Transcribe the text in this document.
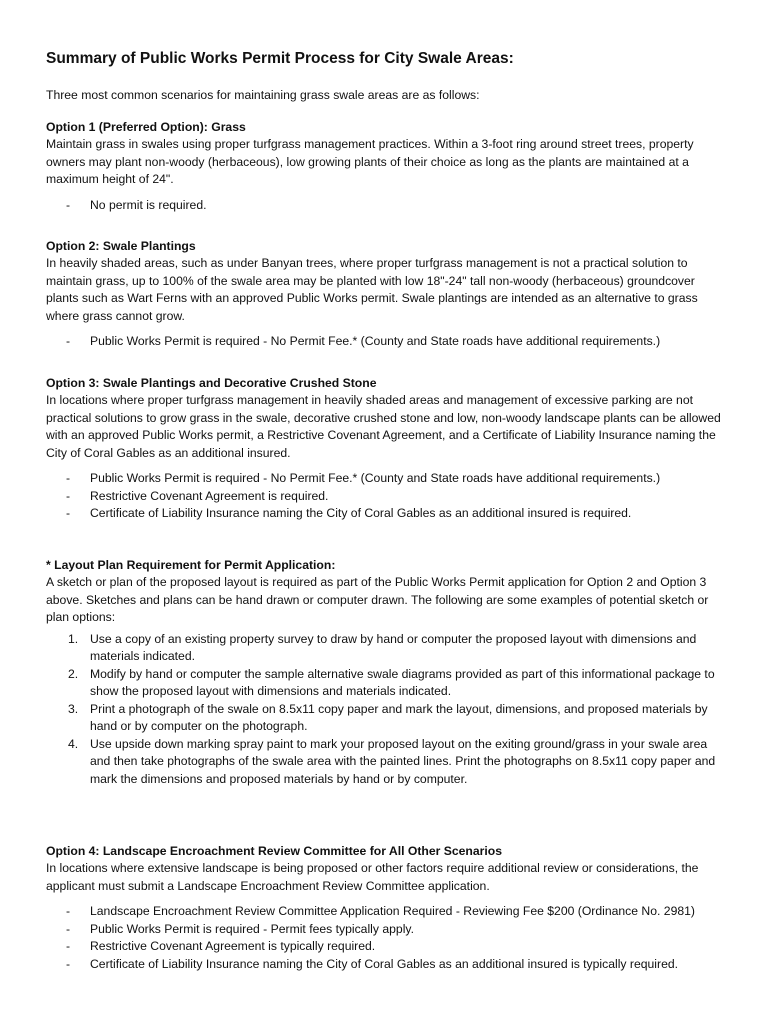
Summary of Public Works Permit Process for City Swale Areas:
Three most common scenarios for maintaining grass swale areas are as follows:
Option 1 (Preferred Option): Grass

Maintain grass in swales using proper turfgrass management practices. Within a 3-foot ring around street trees, property owners may plant non-woody (herbaceous), low growing plants of their choice as long as the plants are maintained at a maximum height of 24".

- No permit is required.
Option 2: Swale Plantings

In heavily shaded areas, such as under Banyan trees, where proper turfgrass management is not a practical solution to maintain grass, up to 100% of the swale area may be planted with low 18"-24" tall non-woody (herbaceous) groundcover plants such as Wart Ferns with an approved Public Works permit. Swale plantings are intended as an alternative to grass where grass cannot grow.

- Public Works Permit is required - No Permit Fee.* (County and State roads have additional requirements.)
Option 3: Swale Plantings and Decorative Crushed Stone

In locations where proper turfgrass management in heavily shaded areas and management of excessive parking are not practical solutions to grow grass in the swale, decorative crushed stone and low, non-woody landscape plants can be allowed with an approved Public Works permit, a Restrictive Covenant Agreement, and a Certificate of Liability Insurance naming the City of Coral Gables as an additional insured.

- Public Works Permit is required - No Permit Fee.* (County and State roads have additional requirements.)
- Restrictive Covenant Agreement is required.
- Certificate of Liability Insurance naming the City of Coral Gables as an additional insured is required.
* Layout Plan Requirement for Permit Application:

A sketch or plan of the proposed layout is required as part of the Public Works Permit application for Option 2 and Option 3 above. Sketches and plans can be hand drawn or computer drawn. The following are some examples of potential sketch or plan options:

Use a copy of an existing property survey to draw by hand or computer the proposed layout with dimensions and materials indicated.
Modify by hand or computer the sample alternative swale diagrams provided as part of this informational package to show the proposed layout with dimensions and materials indicated.
Print a photograph of the swale on 8.5x11 copy paper and mark the layout, dimensions, and proposed materials by hand or by computer on the photograph.
Use upside down marking spray paint to mark your proposed layout on the exiting ground/grass in your swale area and then take photographs of the swale area with the painted lines. Print the photographs on 8.5x11 copy paper and mark the dimensions and proposed materials by hand or by computer.
Option 4: Landscape Encroachment Review Committee for All Other Scenarios

In locations where extensive landscape is being proposed or other factors require additional review or considerations, the applicant must submit a Landscape Encroachment Review Committee application.

- Landscape Encroachment Review Committee Application Required - Reviewing Fee $200 (Ordinance No. 2981)
- Public Works Permit is required - Permit fees typically apply.
- Restrictive Covenant Agreement is typically required.
- Certificate of Liability Insurance naming the City of Coral Gables as an additional insured is typically required.
